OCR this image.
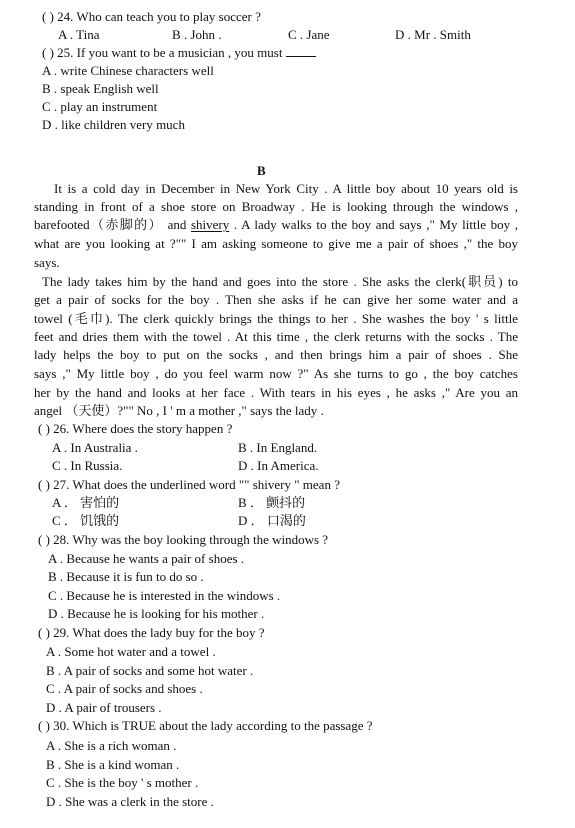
( ) 24. Who can teach you to play soccer ?
A . Tina	B . John .	C . Jane	D . Mr . Smith
( ) 25. If you want to be a musician , you must
A . write Chinese characters well
B . speak English well
C . play an instrument
D . like children very much
B
It is a cold day in December in New York City . A little boy about 10 years old is
standing in front of a shoe store on Broadway . He is looking through the windows ,
barefooted（赤脚的） and shivery . A lady walks to the boy and says ," My little boy ,
what are you looking at ?"" I am asking someone to give me a pair of shoes ," the boy
says.
The lady takes him by the hand and goes into the store . She asks the clerk(职员) to
get a pair of socks for the boy . Then she asks if he can give her some water and a
towel (毛巾). The clerk quickly brings the things to her . She washes the boy ' s little
feet and dries them with the towel . At this time , the clerk returns with the socks . The
lady helps the boy to put on the socks , and then brings him a pair of shoes . She
says ," My little boy , do you feel warm now ?" As she turns to go , the boy catches
her by the hand and looks at her face . With tears in his eyes , he asks ," Are you an
angel （天使）?"" No , I ' m a mother ," says the lady .
( ) 26. Where does the story happen ?
A . In Australia .	B . In England.
C . In Russia.	D . In America.
( ) 27. What does the underlined word "" shivery " mean ?
A ． 害怕的	B ． 颤抖的
C ． 饥饿的	D ． 口渴的
( ) 28. Why was the boy looking through the windows ?
A . Because he wants a pair of shoes .
B . Because it is fun to do so .
C . Because he is interested in the windows .
D . Because he is looking for his mother .
( ) 29. What does the lady buy for the boy ?
A . Some hot water and a towel .
B . A pair of socks and some hot water .
C . A pair of socks and shoes .
D . A pair of trousers .
( ) 30. Which is TRUE about the lady according to the passage ?
A . She is a rich woman .
B . She is a kind woman .
C . She is the boy ' s mother .
D . She was a clerk in the store .
